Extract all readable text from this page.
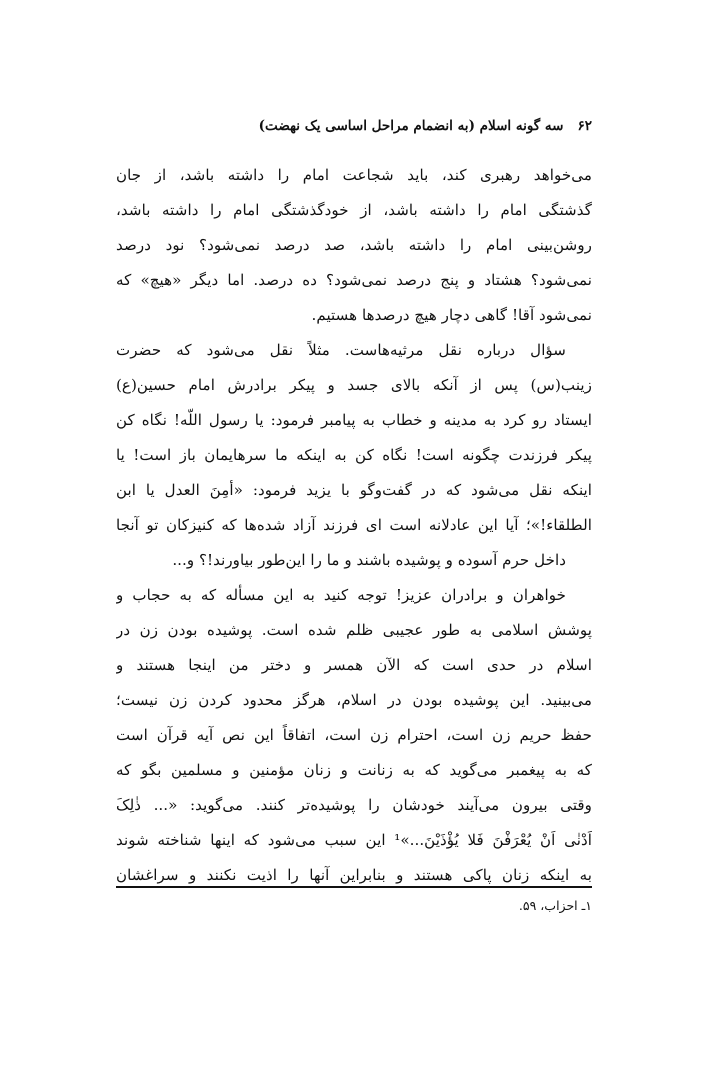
۶۲سه گونه اسلام (به انضمام مراحل اساسی یک نهضت)
می‌خواهد رهبری کند، باید شجاعت امام را داشته باشد، از جان
گذشتگی امام را داشته باشد، از خودگذشتگی امام را داشته باشد،
روشن‌بینی امام را داشته باشد، صد درصد نمی‌شود؟ نود درصد
نمی‌شود؟ هشتاد و پنج درصد نمی‌شود؟ ده درصد. اما دیگر «هیچ» که
نمی‌شود آقا! گاهی دچار هیچ درصدها هستیم.
سؤال درباره نقل مرثیه‌هاست. مثلاً نقل می‌شود که حضرت
زینب(س) پس از آنکه بالای جسد و پیکر برادرش امام حسین(ع)
ایستاد رو کرد به مدینه و خطاب به پیامبر فرمود: یا رسول اللّه! نگاه کن
پیکر فرزندت چگونه است! نگاه کن به اینکه ما سرهایمان باز است! یا
اینکه نقل می‌شود که در گفت‌وگو با یزید فرمود: «أمِنَ العدل یا ابن
الطلقاء!»؛ آیا این عادلانه است ای فرزند آزاد شده‌ها که کنیزکان تو آنجا
داخل حرم آسوده و پوشیده باشند و ما را این‌طور بیاورند!؟ و...
خواهران و برادران عزیز! توجه کنید به این مسأله که به حجاب و
پوشش اسلامی به طور عجیبی ظلم شده است. پوشیده بودن زن در
اسلام در حدی است که الآن همسر و دختر من اینجا هستند و
می‌بینید. این پوشیده بودن در اسلام، هرگز محدود کردن زن نیست؛
حفظ حریم زن است، احترام زن است، اتفاقاً این نص آیه قرآن است
که به پیغمبر می‌گوید که به زنانت و زنان مؤمنین و مسلمین بگو که
وقتی بیرون می‌آیند خودشان را پوشیده‌تر کنند. می‌گوید: «... ذٰلِکَ
اَدْنٰی اَنْ یُعْرَفْنَ فَلا یُؤْذَیْنَ...»¹ این سبب می‌شود که اینها شناخته شوند
به اینکه زنان پاکی هستند و بنابراین آنها را اذیت نکنند و سراغشان
۱ـ احزاب، ۵۹.
